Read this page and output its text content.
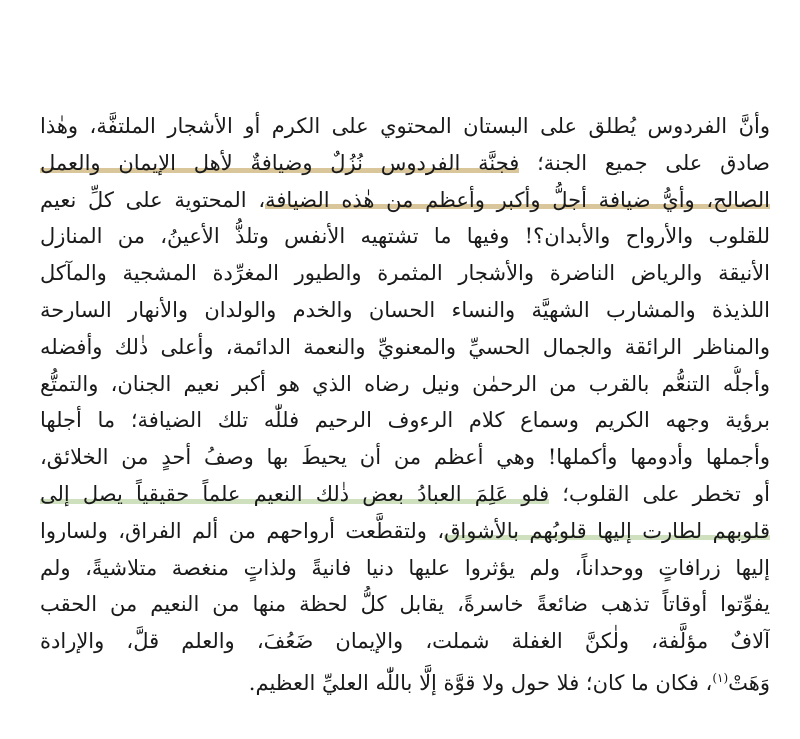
وأنَّ الفردوس يُطلق على البستان المحتوي على الكرم أو الأشجار الملتفَّة، وهٰذا
صادق على جميع الجنة؛ فجنَّة الفردوس نُزُلٌ وضيافةٌ لأهل الإيمان والعمل
الصالح، وأيُّ ضيافة أجلُّ وأكبر وأعظم من هٰذه الضيافة، المحتوية على كلِّ نعيم
للقلوب والأرواح والأبدان؟! وفيها ما تشتهيه الأنفس وتلذُّ الأعينُ، من المنازل
الأنيقة والرياض الناضرة والأشجار المثمرة والطيور المغرِّدة المشجية والمآكل
اللذيذة والمشارب الشهيَّة والنساء الحسان والخدم والولدان والأنهار السارحة
والمناظر الرائقة والجمال الحسيِّ والمعنويِّ والنعمة الدائمة، وأعلى ذٰلك وأفضله
وأجلُّه التنعُّم بالقرب من الرحمٰن ونيل رضاه الذي هو أكبر نعيم الجنان، والتمتُّع
برؤية وجهه الكريم وسماع كلام الرءوف الرحيم فللّٰه تلك الضيافة؛ ما أجلها
وأجملها وأدومها وأكملها! وهي أعظم من أن يحيطَ بها وصفُ أحدٍ من الخلائق،
أو تخطر على القلوب؛ فلو عَلِمَ العبادُ بعض ذٰلك النعيم علماً حقيقياً يصل إلى
قلوبهم لطارت إليها قلوبُهم بالأشواق، ولتقطَّعت أرواحهم من ألم الفراق، ولساروا
إليها زرافاتٍ ووحداناً، ولم يؤثروا عليها دنيا فانيةً ولذاتٍ منغصة متلاشيةً، ولم
يفوِّتوا أوقاتاً تذهب ضائعةً خاسرةً، يقابل كلُّ لحظة منها من النعيم من الحقب
آلافٌ مؤلَّفة، ولٰكنَّ الغفلة شملت، والإيمان ضَعُفَ، والعلم قلَّ، والإرادة
وَهَتْ$^{(١)}$، فكان ما كان؛ فلا حول ولا قوَّة إلَّا باللّٰه العليِّ العظيم.
